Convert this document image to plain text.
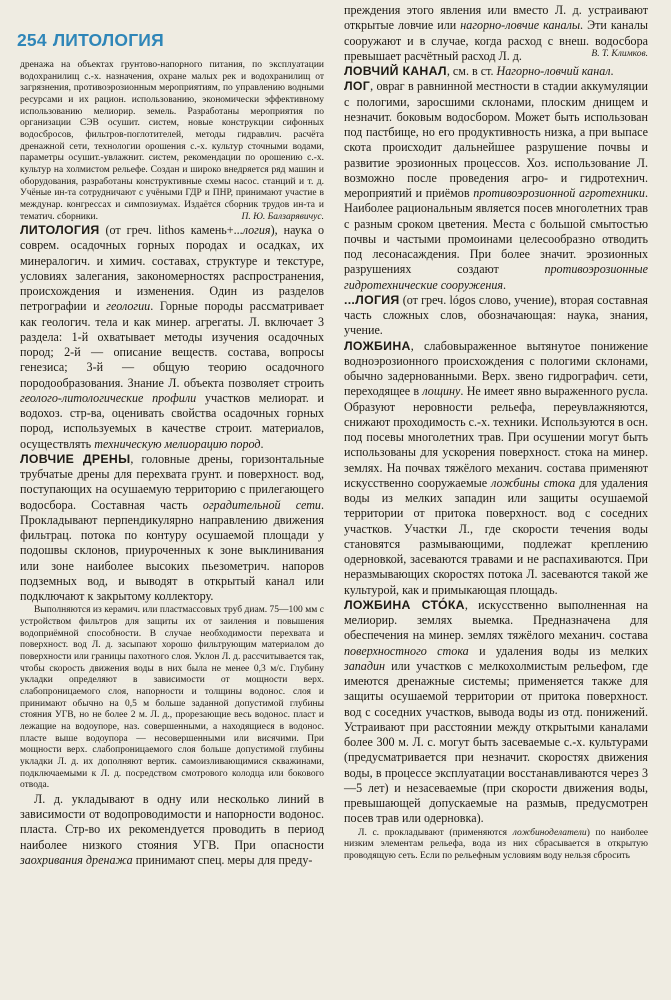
254 ЛИТОЛОГИЯ

дренажа на объектах грунтово-напорного питания, по эксплуатации водохранилищ с.-х. назначения, охране малых рек и водохранилищ от загрязнения, противоэрозионным мероприятиям, по управлению водными ресурсами и их рацион. использованию, экономически эффективному использованию мелиорир. земель. Разработаны мероприятия по организации СЭВ осушит. систем, новые конструкции сифонных водосбросов, фильтров-поглотителей, методы гидравлич. расчёта дренажной сети, технологии орошения с.-х. культур сточными водами, параметры осушит.-увлажнит. систем, рекомендации по орошению с.-х. культур на холмистом рельефе. Создан и широко внедряется ряд машин и оборудования, разработаны конструктивные схемы насос. станций и т. д. Учёные ин-та сотрудничают с учёными ГДР и ПНР, принимают участие в междунар. конгрессах и симпозиумах. Издаётся сборник трудов ин-та и тематич. сборники.	П. Ю. Балзарявичус.

ЛИТОЛОГИЯ (от греч. lithos камень+...логия), наука о соврем. осадочных горных породах и осадках, их минералогич. и химич. составах, структуре и текстуре, условиях залегания, закономерностях распространения, происхождения и изменения. Один из разделов петрографии и геологии. Горные породы рассматривает как геологич. тела и как минер. агрегаты. Л. включает 3 раздела: 1-й охватывает методы изучения осадочных пород; 2-й — описание веществ. состава, вопросы генезиса; 3-й — общую теорию осадочного породообразования. Знание Л. объекта позволяет строить геолого-литологические профили участков мелиорат. и водохоз. стр-ва, оценивать свойства осадочных горных пород, используемых в качестве строит. материалов, осуществлять техническую мелиорацию пород.

ЛОВЧИЕ ДРЕНЫ, головные дрены, горизонтальные трубчатые дрены для перехвата грунт. и поверхност. вод, поступающих на осушаемую территорию с прилегающего водосбора. Составная часть оградительной сети. Прокладывают перпендикулярно направлению движения фильтрац. потока по контуру осушаемой площади у подошвы склонов, приуроченных к зоне выклинивания или зоне наиболее высоких пьезометрич. напоров подземных вод, и выводят в открытый канал или подключают к закрытому коллектору.

Выполняются из керамич. или пластмассовых труб диам. 75—100 мм с устройством фильтров для защиты их от заиления и повышения водоприёмной способности. В случае необходимости перехвата и поверхност. вод Л. д. засыпают хорошо фильтрующим материалом до поверхности или границы пахотного слоя. Уклон Л. д. рассчитывается так, чтобы скорость движения воды в них была не менее 0,3 м/с. Глубину укладки определяют в зависимости от мощности верх. слабопроницаемого слоя, напорности и толщины водонос. слоя и принимают обычно на 0,5 м больше заданной допустимой глубины стояния УГВ, но не более 2 м. Л. д., прорезающие весь водонос. пласт и лежащие на водоупоре, наз. совершенными, а находящиеся в водонос. пласте выше водоупора — несовершенными или висячими. При мощности верх. слабопроницаемого слоя больше допустимой глубины укладки Л. д. их дополняют вертик. самоизливающимися скважинами, подключаемыми к Л. д. посредством смотрового колодца или бокового отвода.

Л. д. укладывают в одну или несколько линий в зависимости от водопроводимости и напорности водонос. пласта. Стр-во их рекомендуется проводить в период наиболее низкого стояния УГВ. При опасности заохривания дренажа принимают спец. меры для преду-

преждения этого явления или вместо Л. д. устраивают открытые ловчие или нагорно-ловчие каналы. Эти каналы сооружают и в случае, когда расход с внеш. водосбора превышает расчётный расход Л. д.	В. Т. Климков.

ЛОВЧИЙ КАНАЛ, см. в ст. Нагорно-ловчий канал.

ЛОГ, овраг в равнинной местности в стадии аккумуляции с пологими, заросшими склонами, плоским днищем и незначит. боковым водосбором. Может быть использован под пастбище, но его продуктивность низка, а при выпасе скота происходит дальнейшее разрушение почвы и развитие эрозионных процессов. Хоз. использование Л. возможно после проведения агро- и гидротехнич. мероприятий и приёмов противоэрозионной агротехники. Наиболее рациональным является посев многолетних трав с разным сроком цветения. Места с большой смытостью почвы и частыми промоинами целесообразно отводить под лесонасаждения. При более значит. эрозионных разрушениях создают	противоэрозионные гидротехнические сооружения.

...ЛОГИЯ (от греч. lógos слово, учение), вторая составная часть сложных слов, обозначающая: наука, знания, учение.

ЛОЖБИНА, слабовыраженное вытянутое понижение водноэрозионного происхождения с пологими склонами, обычно задернованными. Верх. звено гидрографич. сети, переходящее в лощину. Не имеет явно выраженного русла. Образуют неровности рельефа, переувлажняются, снижают проходимость с.-х. техники. Используются в осн. под посевы многолетних трав. При осушении могут быть использованы для ускорения поверхност. стока на минер. землях. На почвах тяжёлого механич. состава применяют искусственно сооружаемые ложбины стока для удаления воды из мелких западин или защиты осушаемой территории от притока поверхност. вод с соседних участков. Участки Л., где скорости течения воды становятся размывающими, подлежат креплению одерновкой, засеваются травами и не распахиваются. При неразмывающих скоростях потока Л. засеваются такой же культурой, как и примыкающая площадь.

ЛОЖБИНА СТО́КА, искусственно выполненная на мелиорир. землях выемка. Предназначена для обеспечения на минер. землях тяжёлого механич. состава поверхностного стока и удаления воды из мелких западин или участков с мелкохолмистым рельефом, где имеются дренажные системы; применяется также для защиты осушаемой территории от притока поверхност. вод с соседних участков, вывода воды из отд. понижений. Устраивают при расстоянии между открытыми каналами более 300 м. Л. с. могут быть засеваемые с.-х. культурами (предусматривается при незначит. скоростях движения воды, в процессе эксплуатации восстанавливаются через 3—5 лет) и незасеваемые (при скорости движения воды, превышающей допускаемые на размыв, предусмотрен посев трав или одерновка).

Л. с. прокладывают (применяются ложбиноделатели) по наиболее низким элементам рельефа, вода из них сбрасывается в открытую проводящую сеть. Если по рельефным условиям воду нельзя сбросить
